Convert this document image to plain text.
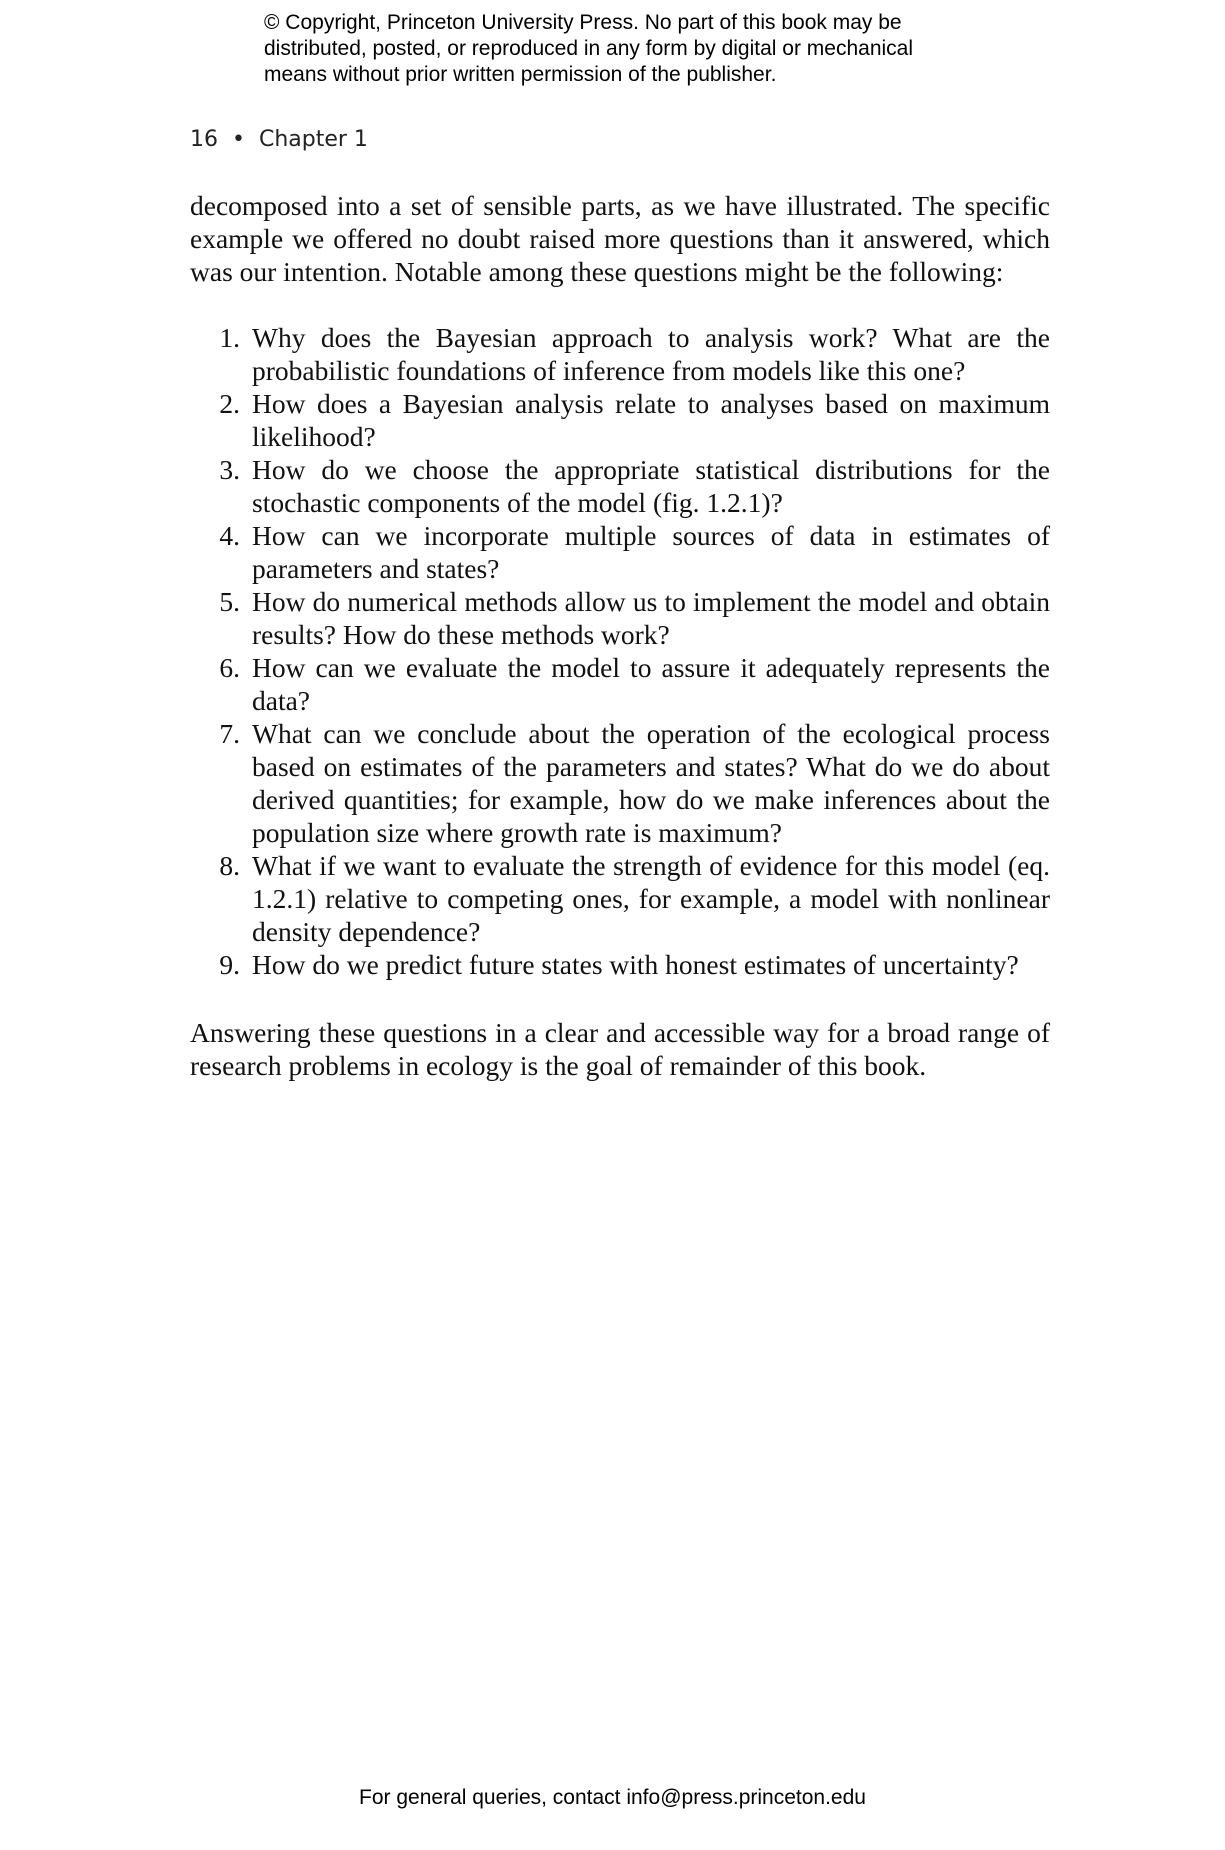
© Copyright, Princeton University Press. No part of this book may be
distributed, posted, or reproduced in any form by digital or mechanical
means without prior written permission of the publisher.
16 • Chapter 1

decomposed into a set of sensible parts, as we have illustrated. The specific example we offered no doubt raised more questions than it answered, which was our intention. Notable among these questions might be the following:

1. Why does the Bayesian approach to analysis work? What are the probabilistic foundations of inference from models like this one?
2. How does a Bayesian analysis relate to analyses based on maximum likelihood?
3. How do we choose the appropriate statistical distributions for the stochastic components of the model (fig. 1.2.1)?
4. How can we incorporate multiple sources of data in estimates of parameters and states?
5. How do numerical methods allow us to implement the model and obtain results? How do these methods work?
6. How can we evaluate the model to assure it adequately represents the data?
7. What can we conclude about the operation of the ecological process based on estimates of the parameters and states? What do we do about derived quantities; for example, how do we make inferences about the population size where growth rate is maximum?
8. What if we want to evaluate the strength of evidence for this model (eq. 1.2.1) relative to competing ones, for example, a model with nonlinear density dependence?
9. How do we predict future states with honest estimates of uncertainty?

Answering these questions in a clear and accessible way for a broad range of research problems in ecology is the goal of remainder of this book.

For general queries, contact info@press.princeton.edu
